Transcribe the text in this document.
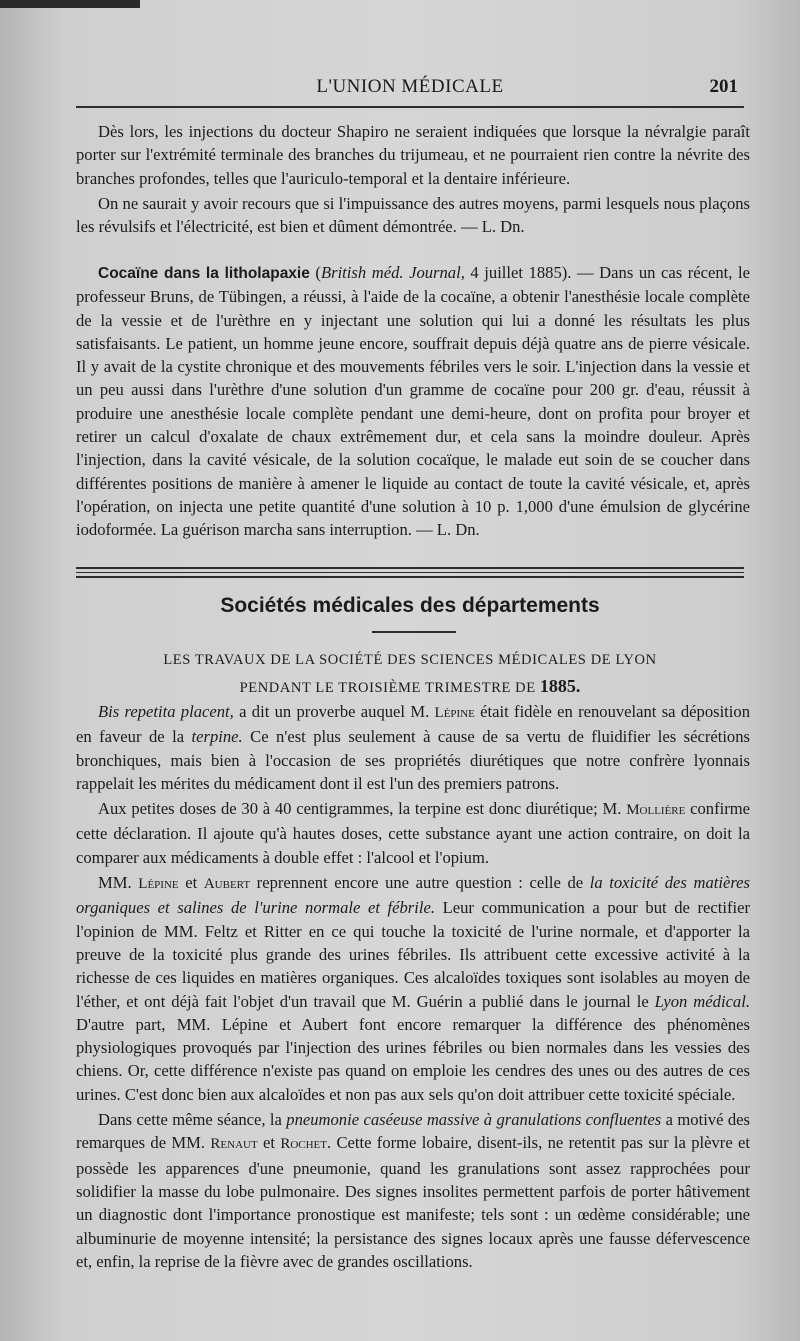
L'UNION MÉDICALE	201

Dès lors, les injections du docteur Shapiro ne seraient indiquées que lorsque la névralgie paraît porter sur l'extrémité terminale des branches du trijumeau, et ne pourraient rien contre la névrite des branches profondes, telles que l'auriculo-temporal et la dentaire inférieure.

On ne saurait y avoir recours que si l'impuissance des autres moyens, parmi lesquels nous plaçons les révulsifs et l'électricité, est bien et dûment démontrée. — L. Dn.

Cocaïne dans la litholapaxie (British méd. Journal, 4 juillet 1885). — Dans un cas récent, le professeur Bruns, de Tübingen, a réussi, à l'aide de la cocaïne, a obtenir l'anesthésie locale complète de la vessie et de l'urèthre en y injectant une solution qui lui a donné les résultats les plus satisfaisants. Le patient, un homme jeune encore, souffrait depuis déjà quatre ans de pierre vésicale. Il y avait de la cystite chronique et des mouvements fébriles vers le soir. L'injection dans la vessie et un peu aussi dans l'urèthre d'une solution d'un gramme de cocaïne pour 200 gr. d'eau, réussit à produire une anesthésie locale complète pendant une demi-heure, dont on profita pour broyer et retirer un calcul d'oxalate de chaux extrêmement dur, et cela sans la moindre douleur. Après l'injection, dans la cavité vésicale, de la solution cocaïque, le malade eut soin de se coucher dans différentes positions de manière à amener le liquide au contact de toute la cavité vésicale, et, après l'opération, on injecta une petite quantité d'une solution à 10 p. 1,000 d'une émulsion de glycérine iodoformée. La guérison marcha sans interruption. — L. Dn.

Sociétés médicales des départements
LES TRAVAUX DE LA SOCIÉTÉ DES SCIENCES MÉDICALES DE LYON
PENDANT LE TROISIÈME TRIMESTRE DE 1885.

Bis repetita placent, a dit un proverbe auquel M. Lépine était fidèle en renouvelant sa déposition en faveur de la terpine. Ce n'est plus seulement à cause de sa vertu de fluidifier les sécrétions bronchiques, mais bien à l'occasion de ses propriétés diurétiques que notre confrère lyonnais rappelait les mérites du médicament dont il est l'un des premiers patrons.

Aux petites doses de 30 à 40 centigrammes, la terpine est donc diurétique; M. Mollière confirme cette déclaration. Il ajoute qu'à hautes doses, cette substance ayant une action contraire, on doit la comparer aux médicaments à double effet : l'alcool et l'opium.

MM. Lépine et Aubert reprennent encore une autre question : celle de la toxicité des matières organiques et salines de l'urine normale et fébrile. Leur communication a pour but de rectifier l'opinion de MM. Feltz et Ritter en ce qui touche la toxicité de l'urine normale, et d'apporter la preuve de la toxicité plus grande des urines fébriles. Ils attribuent cette excessive activité à la richesse de ces liquides en matières organiques. Ces alcaloïdes toxiques sont isolables au moyen de l'éther, et ont déjà fait l'objet d'un travail que M. Guérin a publié dans le journal le Lyon médical. D'autre part, MM. Lépine et Aubert font encore remarquer la différence des phénomènes physiologiques provoqués par l'injection des urines fébriles ou bien normales dans les vessies des chiens. Or, cette différence n'existe pas quand on emploie les cendres des unes ou des autres de ces urines. C'est donc bien aux alcaloïdes et non pas aux sels qu'on doit attribuer cette toxicité spéciale.

Dans cette même séance, la pneumonie caséeuse massive à granulations confluentes a motivé des remarques de MM. Renaut et Rochet. Cette forme lobaire, disent-ils, ne retentit pas sur la plèvre et possède les apparences d'une pneumonie, quand les granulations sont assez rapprochées pour solidifier la masse du lobe pulmonaire. Des signes insolites permettent parfois de porter hâtivement un diagnostic dont l'importance pronostique est manifeste; tels sont : un œdème considérable; une albuminurie de moyenne intensité; la persistance des signes locaux après une fausse défervescence et, enfin, la reprise de la fièvre avec de grandes oscillations.
